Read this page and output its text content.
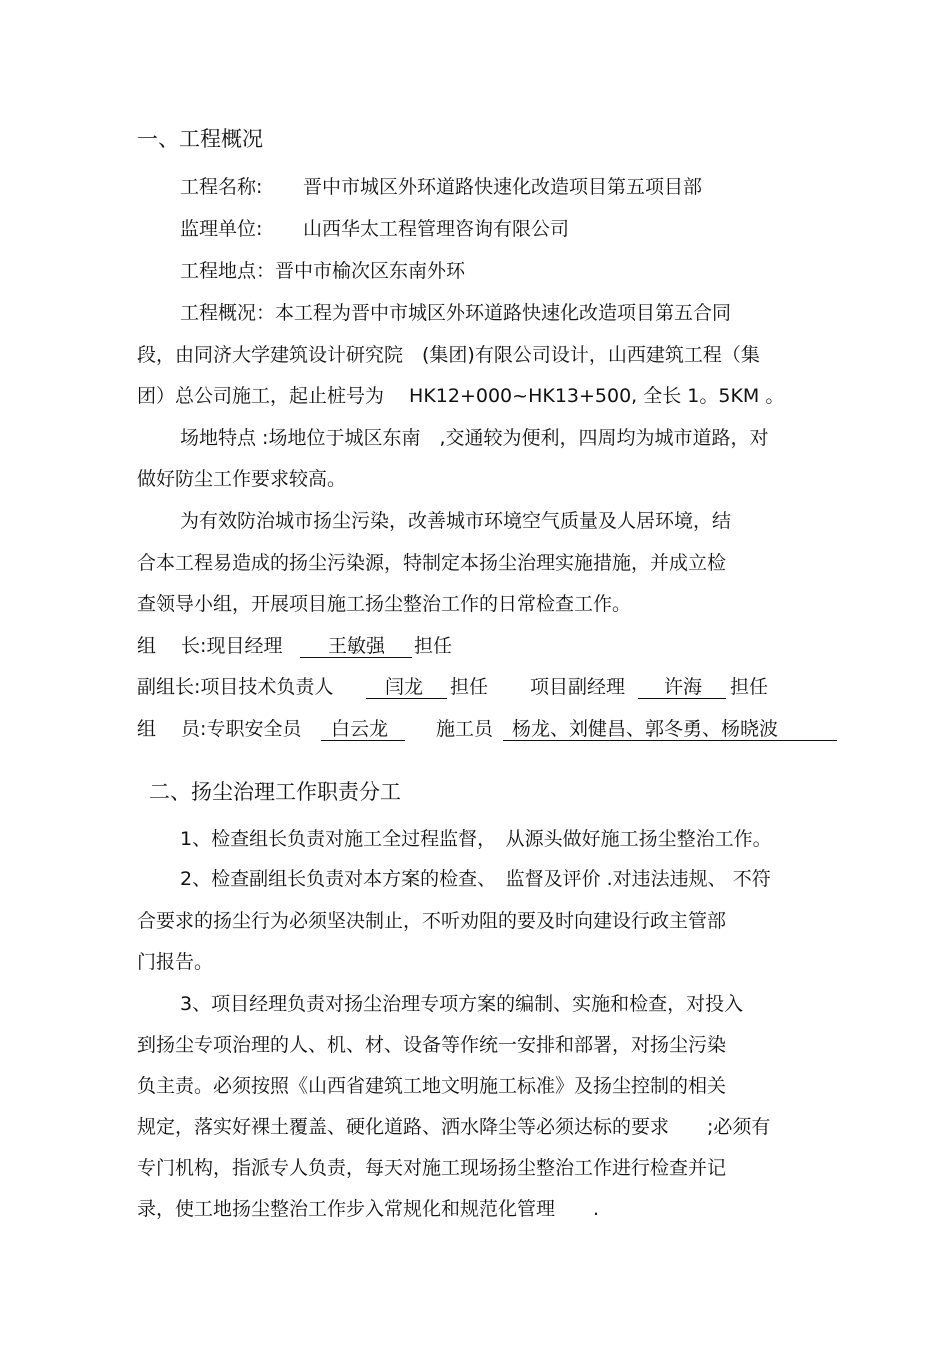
一、工程概况
工程名称: 晋中市城区外环道路快速化改造项目第五项目部
监理单位: 山西华太工程管理咨询有限公司
工程地点：晋中市榆次区东南外环
工程概况：本工程为晋中市城区外环道路快速化改造项目第五合同
段，由同济大学建筑设计研究院　(集团)有限公司设计，山西建筑工程（集
团）总公司施工，起止桩号为　 HK12+000~HK13+500, 全长 1。5KM 。
场地特点 :场地位于城区东南　,交通较为便利，四周均为城市道路，对
做好防尘工作要求较高。
为有效防治城市扬尘污染，改善城市环境空气质量及人居环境，结
合本工程易造成的扬尘污染源，特制定本扬尘治理实施措施，并成立检
查领导小组，开展项目施工扬尘整治工作的日常检查工作。
组　 长:现目经理 王敏强 担任
副组长:项目技术负责人	闫龙 担任 项目副经理 许海 担任
组　 员:专职安全员 白云龙	施工员 杨龙、刘健昌、郭冬勇、杨晓波
二、扬尘治理工作职责分工
1、检查组长负责对施工全过程监督，　从源头做好施工扬尘整治工作。
2、检查副组长负责对本方案的检查、　监督及评价 .对违法违规、 不符
合要求的扬尘行为必须坚决制止，不听劝阻的要及时向建设行政主管部
门报告。
3、项目经理负责对扬尘治理专项方案的编制、实施和检查，对投入
到扬尘专项治理的人、机、材、设备等作统一安排和部署，对扬尘污染
负主责。必须按照《山西省建筑工地文明施工标准》及扬尘控制的相关
规定，落实好裸土覆盖、硬化道路、洒水降尘等必须达标的要求　　;必须有
专门机构，指派专人负责，每天对施工现场扬尘整治工作进行检查并记
录，使工地扬尘整治工作步入常规化和规范化管理　　.
